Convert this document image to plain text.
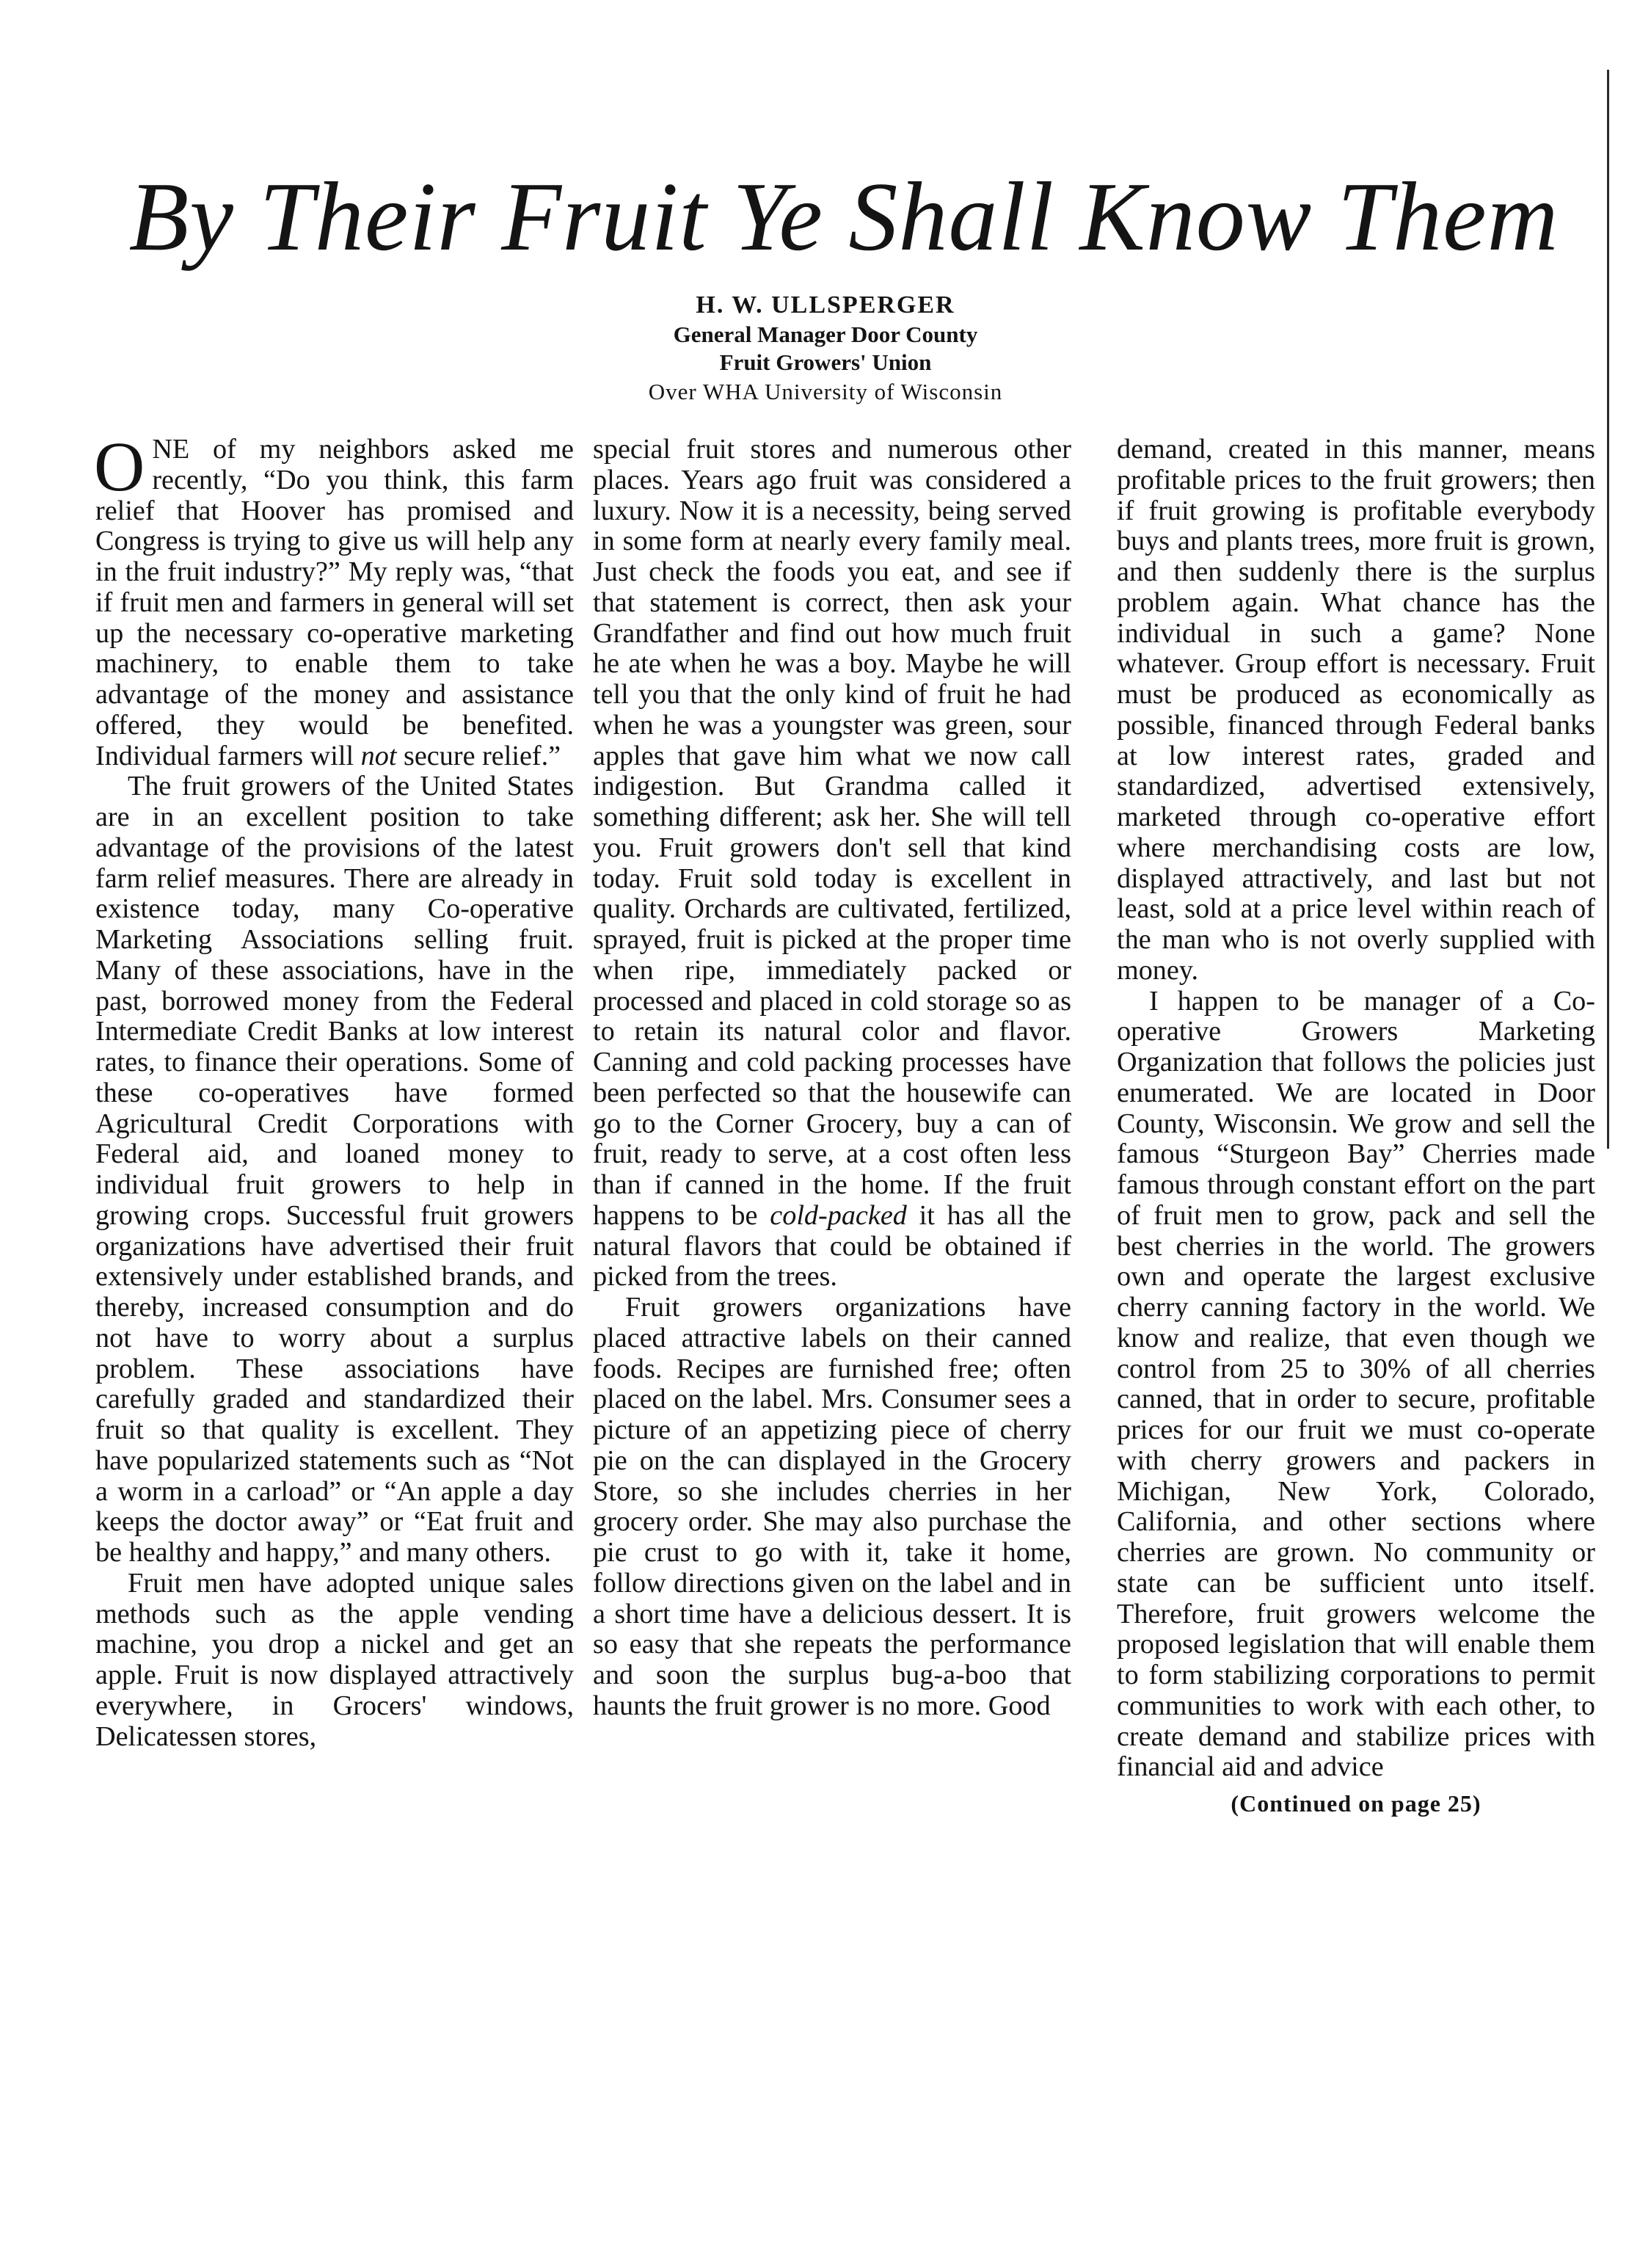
By Their Fruit Ye Shall Know Them
H. W. ULLSPERGER
General Manager Door County
Fruit Growers' Union
Over WHA University of Wisconsin

ONE of my neighbors asked me recently, “Do you think, this farm relief that Hoover has promised and Congress is trying to give us will help any in the fruit industry?” My reply was, “that if fruit men and farmers in general will set up the necessary co-operative marketing machinery, to enable them to take advantage of the money and assistance offered, they would be benefited. Individual farmers will not secure relief.”

The fruit growers of the United States are in an excellent position to take advantage of the provisions of the latest farm relief measures. There are already in existence today, many Co-operative Marketing Associations selling fruit. Many of these associations, have in the past, borrowed money from the Federal Intermediate Credit Banks at low interest rates, to finance their operations. Some of these co-operatives have formed Agricultural Credit Corporations with Federal aid, and loaned money to individual fruit growers to help in growing crops. Successful fruit growers organizations have advertised their fruit extensively under established brands, and thereby, increased consumption and do not have to worry about a surplus problem. These associations have carefully graded and standardized their fruit so that quality is excellent. They have popularized statements such as “Not a worm in a carload” or “An apple a day keeps the doctor away” or “Eat fruit and be healthy and happy,” and many others.

Fruit men have adopted unique sales methods such as the apple vending machine, you drop a nickel and get an apple. Fruit is now displayed attractively everywhere, in Grocers' windows, Delicatessen stores,

special fruit stores and numerous other places. Years ago fruit was considered a luxury. Now it is a necessity, being served in some form at nearly every family meal. Just check the foods you eat, and see if that statement is correct, then ask your Grandfather and find out how much fruit he ate when he was a boy. Maybe he will tell you that the only kind of fruit he had when he was a youngster was green, sour apples that gave him what we now call indigestion. But Grandma called it something different; ask her. She will tell you. Fruit growers don't sell that kind today. Fruit sold today is excellent in quality. Orchards are cultivated, fertilized, sprayed, fruit is picked at the proper time when ripe, immediately packed or processed and placed in cold storage so as to retain its natural color and flavor. Canning and cold packing processes have been perfected so that the housewife can go to the Corner Grocery, buy a can of fruit, ready to serve, at a cost often less than if canned in the home. If the fruit happens to be cold-packed it has all the natural flavors that could be obtained if picked from the trees.

Fruit growers organizations have placed attractive labels on their canned foods. Recipes are furnished free; often placed on the label. Mrs. Consumer sees a picture of an appetizing piece of cherry pie on the can displayed in the Grocery Store, so she includes cherries in her grocery order. She may also purchase the pie crust to go with it, take it home, follow directions given on the label and in a short time have a delicious dessert. It is so easy that she repeats the performance and soon the surplus bug-a-boo that haunts the fruit grower is no more. Good

demand, created in this manner, means profitable prices to the fruit growers; then if fruit growing is profitable everybody buys and plants trees, more fruit is grown, and then suddenly there is the surplus problem again. What chance has the individual in such a game? None whatever. Group effort is necessary. Fruit must be produced as economically as possible, financed through Federal banks at low interest rates, graded and standardized, advertised extensively, marketed through co-operative effort where merchandising costs are low, displayed attractively, and last but not least, sold at a price level within reach of the man who is not overly supplied with money.

I happen to be manager of a Co-operative Growers Marketing Organization that follows the policies just enumerated. We are located in Door County, Wisconsin. We grow and sell the famous “Sturgeon Bay” Cherries made famous through constant effort on the part of fruit men to grow, pack and sell the best cherries in the world. The growers own and operate the largest exclusive cherry canning factory in the world. We know and realize, that even though we control from 25 to 30% of all cherries canned, that in order to secure, profitable prices for our fruit we must co-operate with cherry growers and packers in Michigan, New York, Colorado, California, and other sections where cherries are grown. No community or state can be sufficient unto itself. Therefore, fruit growers welcome the proposed legislation that will enable them to form stabilizing corporations to permit communities to work with each other, to create demand and stabilize prices with financial aid and advice

(Continued on page 25)
